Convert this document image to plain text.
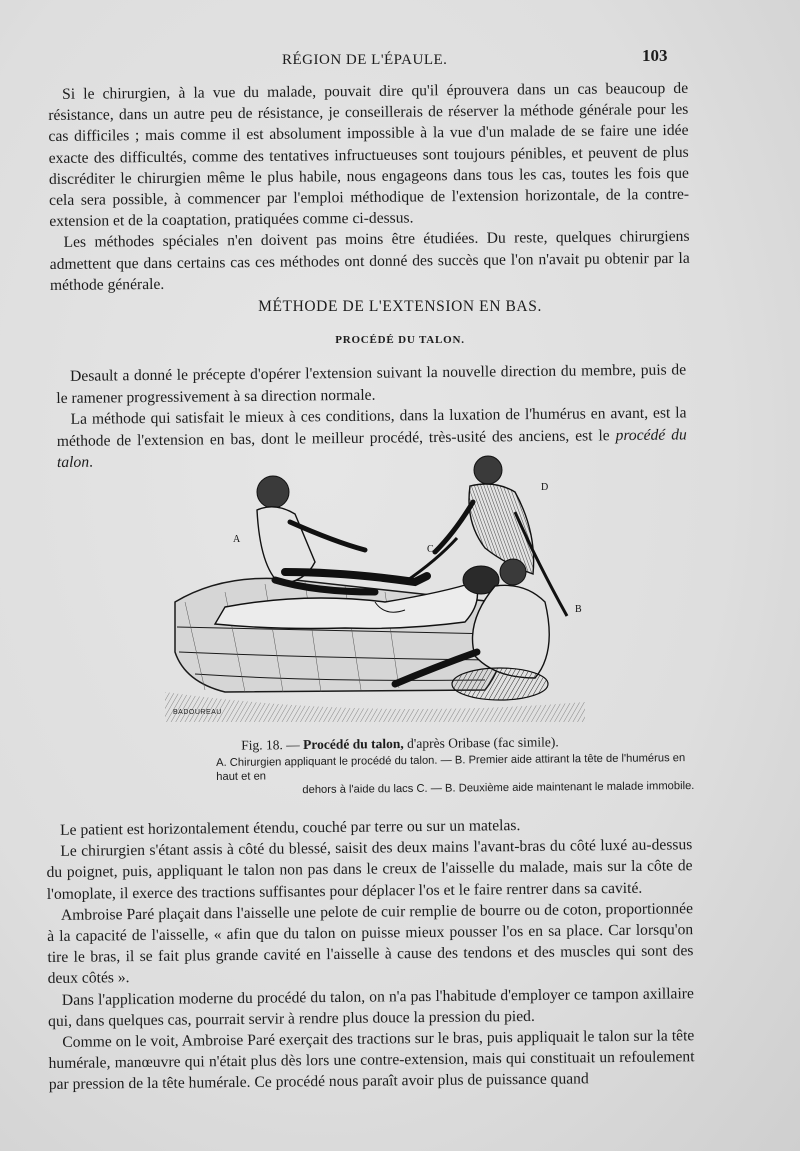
RÉGION DE L'ÉPAULE.	103

Si le chirurgien, à la vue du malade, pouvait dire qu'il éprouvera dans un cas beaucoup de résistance, dans un autre peu de résistance, je conseillerais de réserver la méthode générale pour les cas difficiles ; mais comme il est absolument impossible à la vue d'un malade de se faire une idée exacte des difficultés, comme des tentatives infructueuses sont toujours pénibles, et peuvent de plus discréditer le chirurgien même le plus habile, nous engageons dans tous les cas, toutes les fois que cela sera possible, à commencer par l'emploi méthodique de l'extension horizontale, de la contre-extension et de la coaptation, pratiquées comme ci-dessus.

Les méthodes spéciales n'en doivent pas moins être étudiées. Du reste, quelques chirurgiens admettent que dans certains cas ces méthodes ont donné des succès que l'on n'avait pu obtenir par la méthode générale.

MÉTHODE DE L'EXTENSION EN BAS.
PROCÉDÉ DU TALON.

Desault a donné le précepte d'opérer l'extension suivant la nouvelle direction du membre, puis de le ramener progressivement à sa direction normale.

La méthode qui satisfait le mieux à ces conditions, dans la luxation de l'humérus en avant, est la méthode de l'extension en bas, dont le meilleur procédé, très-usité des anciens, est le procédé du talon.

A
B
C
D
BADOUREAU
Fig. 18. — Procédé du talon, d'après Oribase (fac simile).
A. Chirurgien appliquant le procédé du talon. — B. Premier aide attirant la tête de l'humérus en haut et en
dehors à l'aide du lacs C. — B. Deuxième aide maintenant le malade immobile.

Le patient est horizontalement étendu, couché par terre ou sur un matelas.

Le chirurgien s'étant assis à côté du blessé, saisit des deux mains l'avant-bras du côté luxé au-dessus du poignet, puis, appliquant le talon non pas dans le creux de l'aisselle du malade, mais sur la côte de l'omoplate, il exerce des tractions suffisantes pour déplacer l'os et le faire rentrer dans sa cavité.

Ambroise Paré plaçait dans l'aisselle une pelote de cuir remplie de bourre ou de coton, proportionnée à la capacité de l'aisselle, « afin que du talon on puisse mieux pousser l'os en sa place. Car lorsqu'on tire le bras, il se fait plus grande cavité en l'aisselle à cause des tendons et des muscles qui sont des deux côtés ».

Dans l'application moderne du procédé du talon, on n'a pas l'habitude d'employer ce tampon axillaire qui, dans quelques cas, pourrait servir à rendre plus douce la pression du pied.

Comme on le voit, Ambroise Paré exerçait des tractions sur le bras, puis appliquait le talon sur la tête humérale, manœuvre qui n'était plus dès lors une contre-extension, mais qui constituait un refoulement par pression de la tête humérale. Ce procédé nous paraît avoir plus de puissance quand
